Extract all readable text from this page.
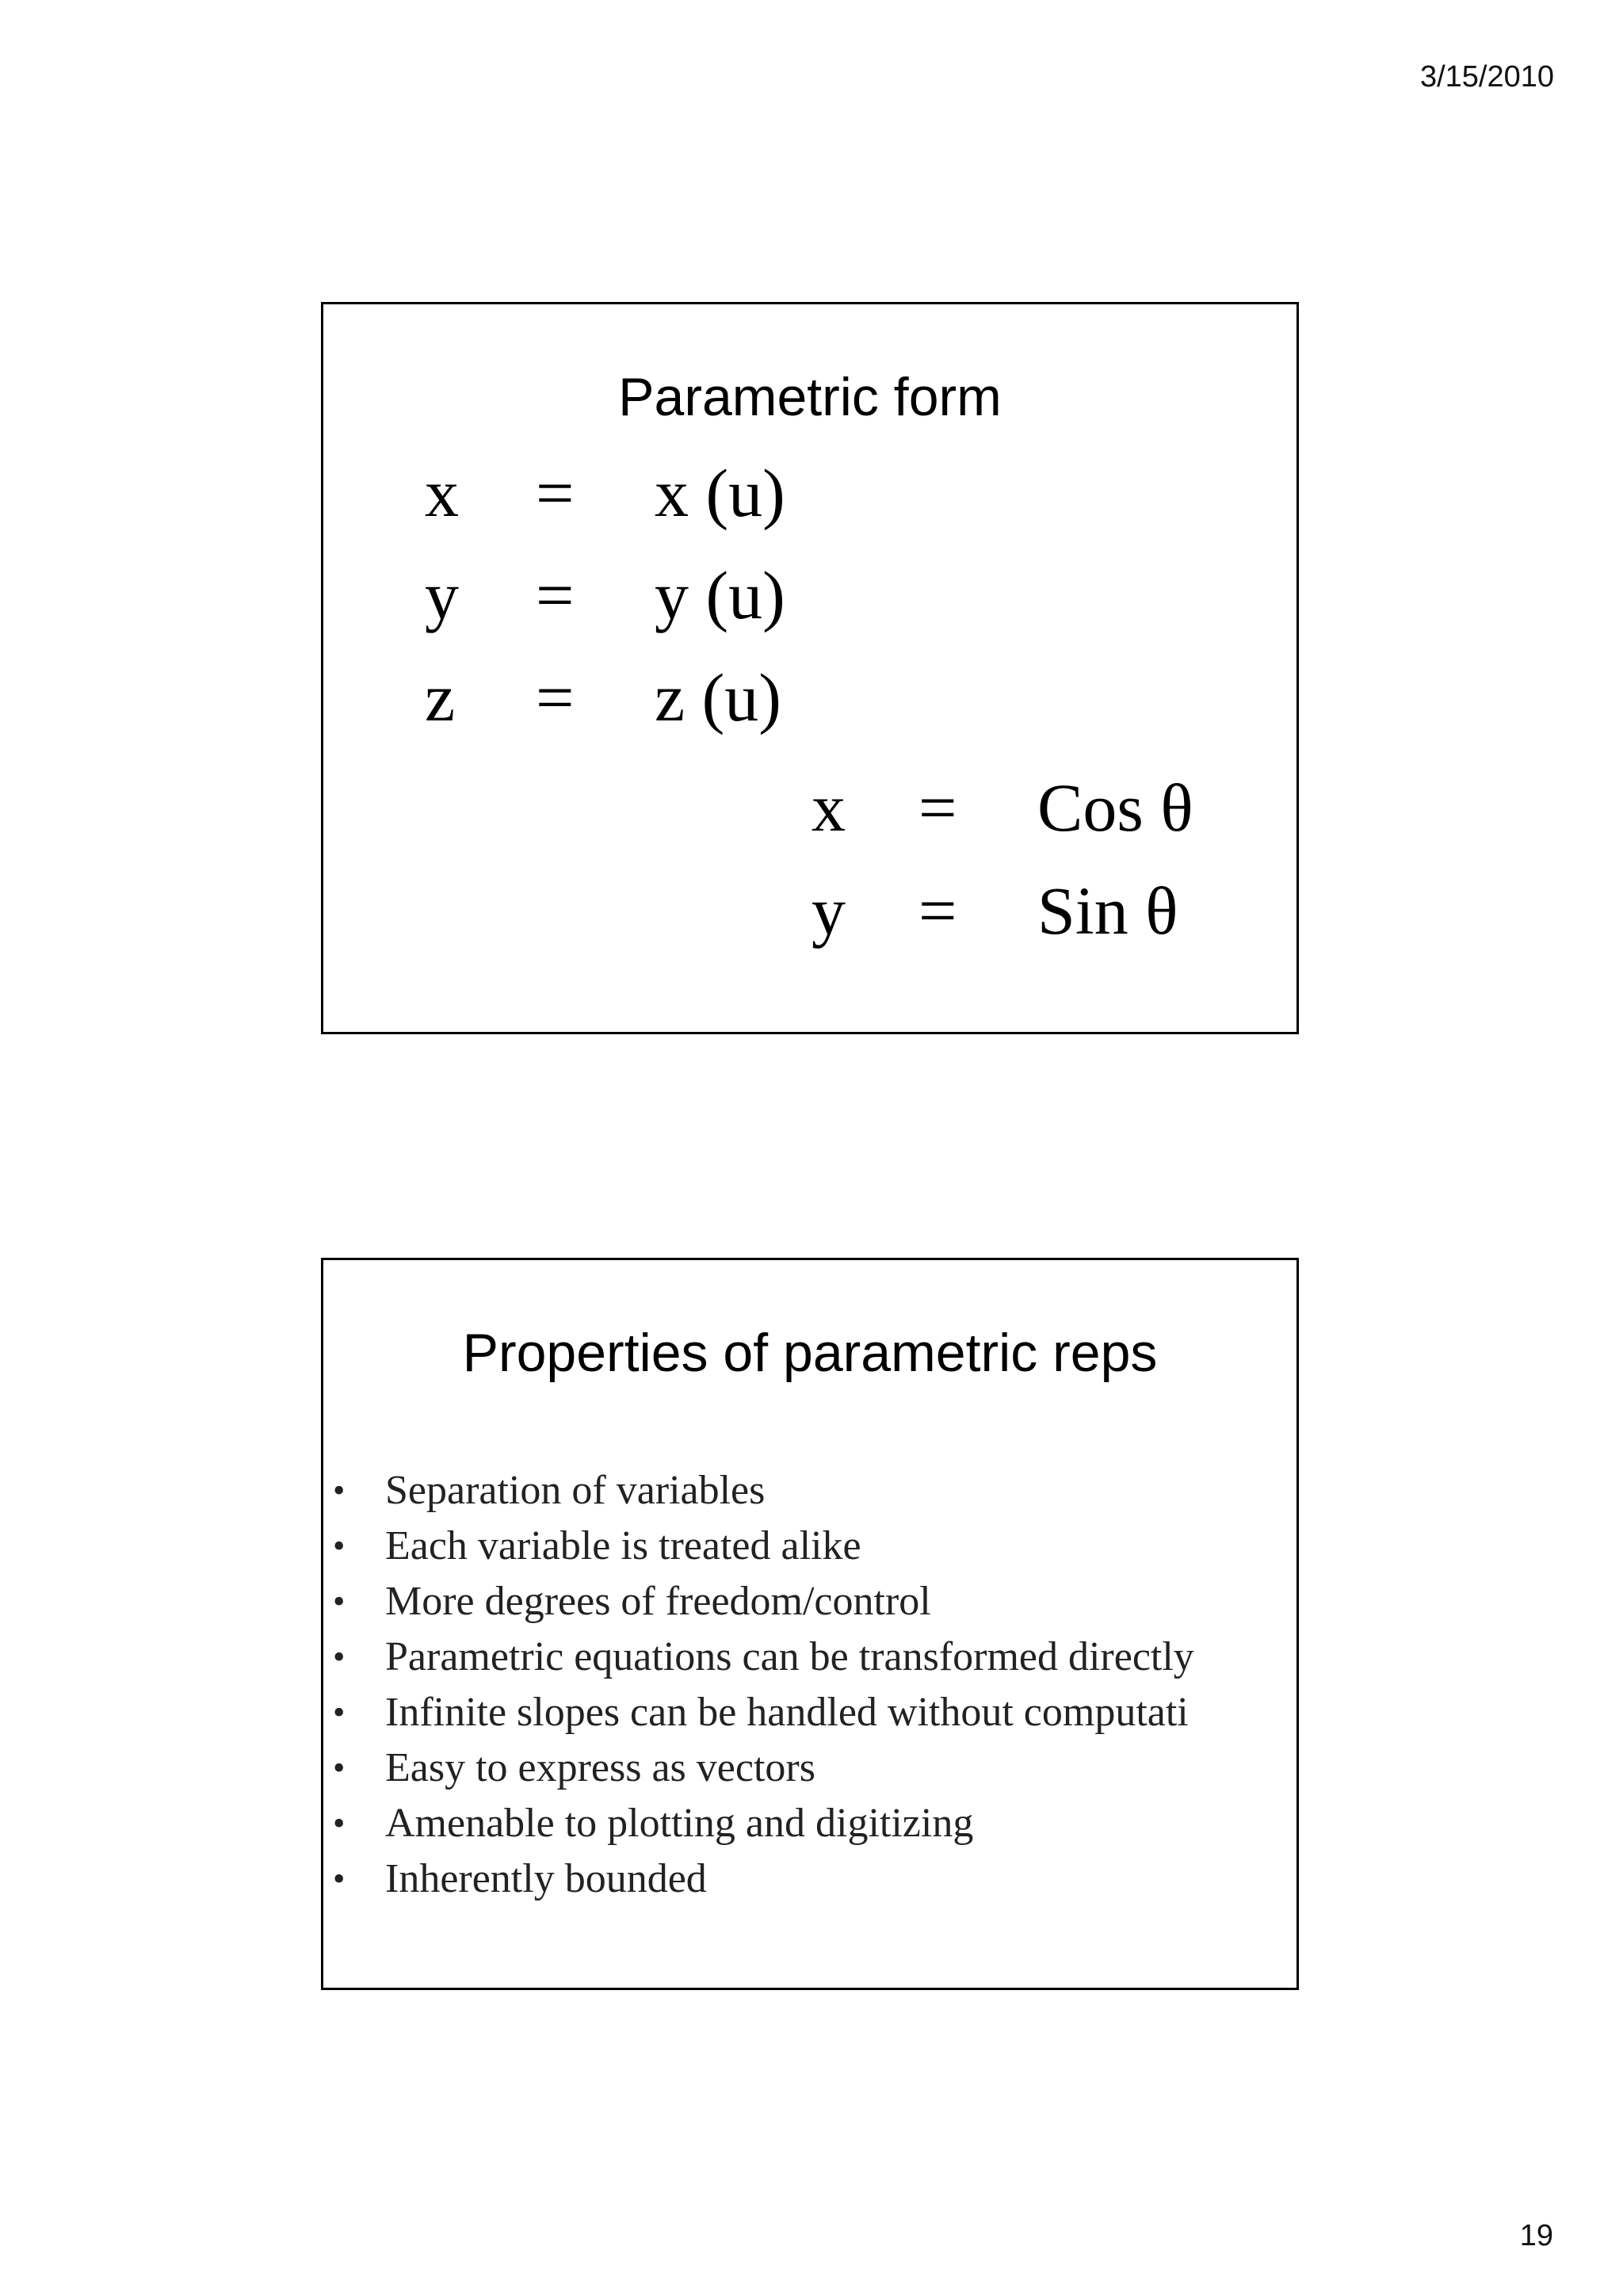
3/15/2010
Parametric form
x = x (u)
y = y (u)
z = z (u)
x = Cos θ
y = Sin θ
Properties of parametric reps
• Separation of variables
• Each variable is treated alike
• More degrees of freedom/control
• Parametric equations can be transformed directly
• Infinite slopes can be handled without computati
• Easy to express as vectors
• Amenable to plotting and digitizing
• Inherently bounded
19
